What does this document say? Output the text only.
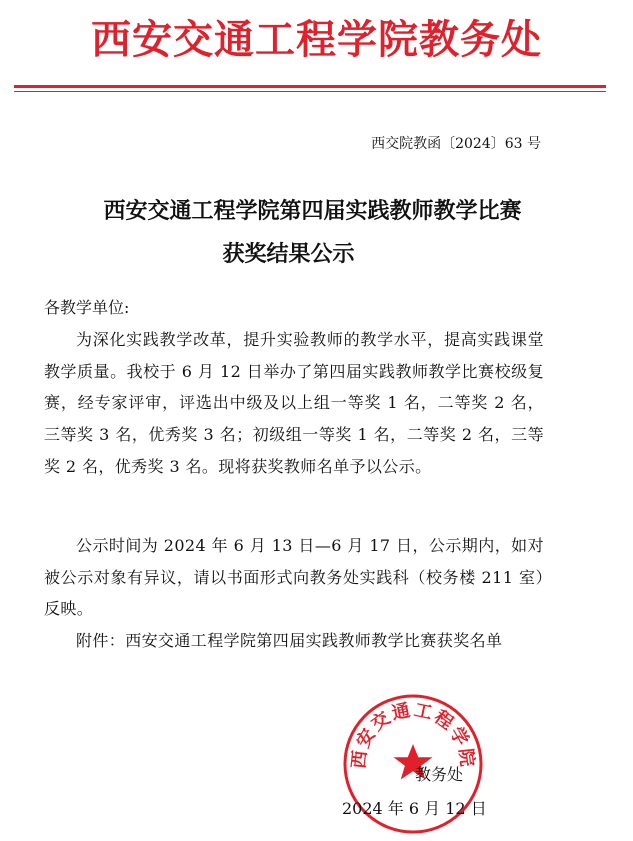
西安交通工程学院教务处
西交院教函〔2024〕63 号
西安交通工程学院第四届实践教师教学比赛
获奖结果公示
各教学单位:
为深化实践教学改革，提升实验教师的教学水平，提高实践课堂教学质量。我校于 6 月 12 日举办了第四届实践教师教学比赛校级复赛，经专家评审，评选出中级及以上组一等奖 1 名，二等奖 2 名，三等奖 3 名，优秀奖 3 名；初级组一等奖 1 名，二等奖 2 名，三等奖 2 名，优秀奖 3 名。现将获奖教师名单予以公示。
公示时间为 2024 年 6 月 13 日—6 月 17 日，公示期内，如对被公示对象有异议，请以书面形式向教务处实践科（校务楼 211 室）反映。
附件：西安交通工程学院第四届实践教师教学比赛获奖名单
西安交通工程学院
教务处
2024 年 6 月 12 日
